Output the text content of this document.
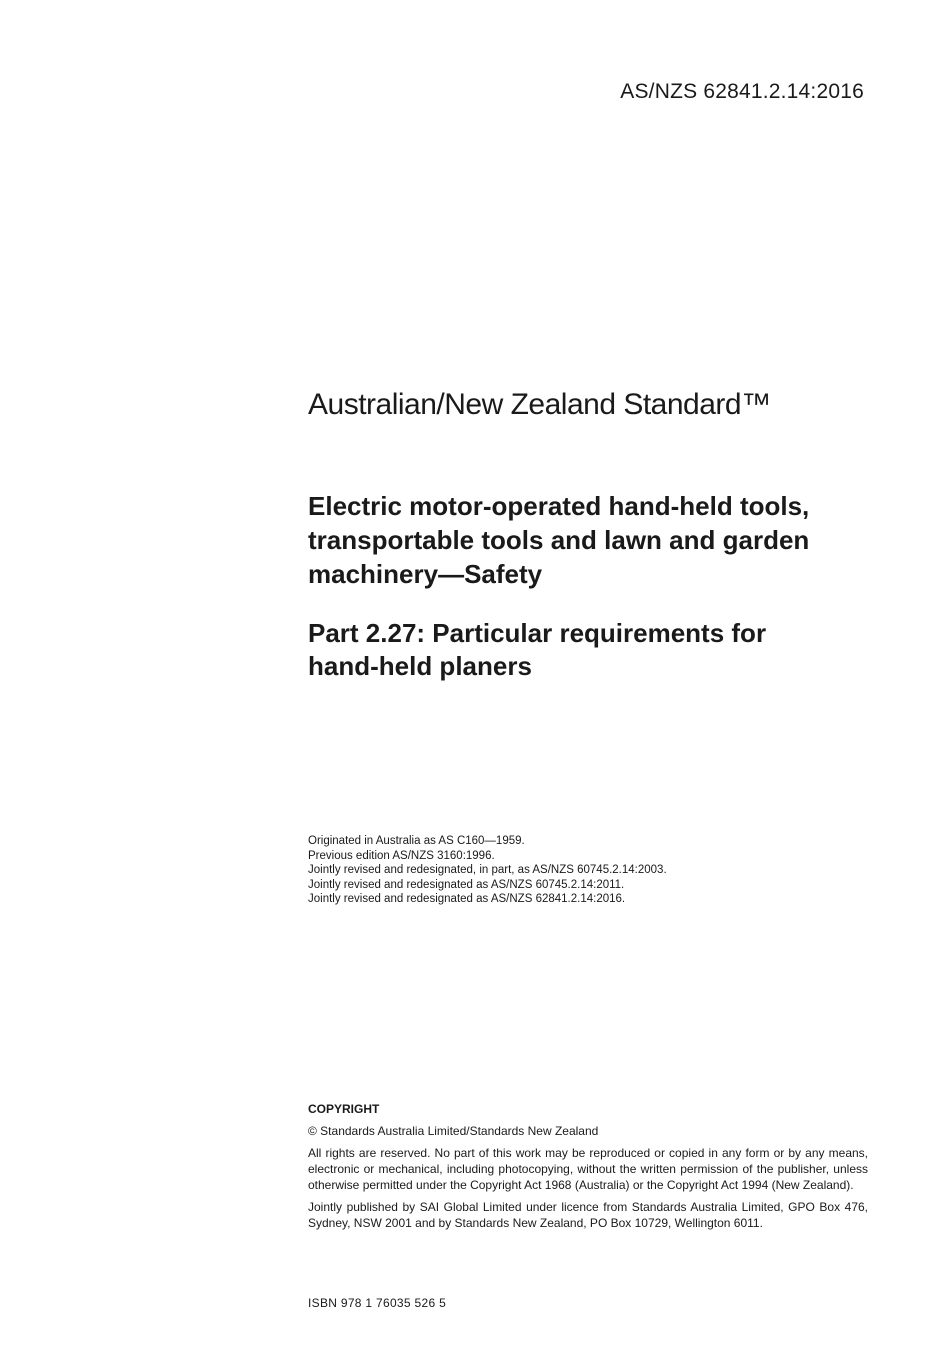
AS/NZS 62841.2.14:2016
Australian/New Zealand Standard™
Electric motor-operated hand-held tools,
transportable tools and lawn and garden
machinery—Safety
Part 2.27: Particular requirements for
hand-held planers
Originated in Australia as AS C160—1959.
Previous edition AS/NZS 3160:1996.
Jointly revised and redesignated, in part, as AS/NZS 60745.2.14:2003.
Jointly revised and redesignated as AS/NZS 60745.2.14:2011.
Jointly revised and redesignated as AS/NZS 62841.2.14:2016.
COPYRIGHT

© Standards Australia Limited/Standards New Zealand

All rights are reserved. No part of this work may be reproduced or copied in any form or by any means, electronic or mechanical, including photocopying, without the written permission of the publisher, unless otherwise permitted under the Copyright Act 1968 (Australia) or the Copyright Act 1994 (New Zealand).

Jointly published by SAI Global Limited under licence from Standards Australia Limited, GPO Box 476, Sydney, NSW 2001 and by Standards New Zealand, PO Box 10729, Wellington 6011.

ISBN 978 1 76035 526 5
